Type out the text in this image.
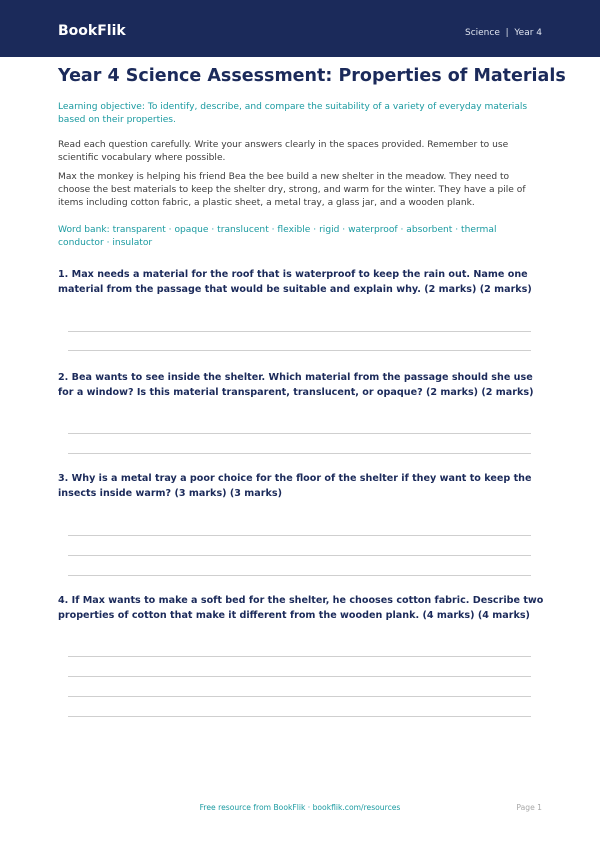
BookFlik	Science  |  Year 4
Year 4 Science Assessment: Properties of Materials

Learning objective: To identify, describe, and compare the suitability of a variety of everyday materials based on their properties.

Read each question carefully. Write your answers clearly in the spaces provided. Remember to use scientific vocabulary where possible.

Max the monkey is helping his friend Bea the bee build a new shelter in the meadow. They need to choose the best materials to keep the shelter dry, strong, and warm for the winter. They have a pile of items including cotton fabric, a plastic sheet, a metal tray, a glass jar, and a wooden plank.

Word bank: transparent · opaque · translucent · flexible · rigid · waterproof · absorbent · thermal conductor · insulator

1. Max needs a material for the roof that is waterproof to keep the rain out. Name one material from the passage that would be suitable and explain why. (2 marks) (2 marks)

2. Bea wants to see inside the shelter. Which material from the passage should she use for a window? Is this material transparent, translucent, or opaque? (2 marks) (2 marks)

3. Why is a metal tray a poor choice for the floor of the shelter if they want to keep the insects inside warm? (3 marks) (3 marks)

4. If Max wants to make a soft bed for the shelter, he chooses cotton fabric. Describe two properties of cotton that make it different from the wooden plank. (4 marks) (4 marks)

Free resource from BookFlik · bookflik.com/resources	Page 1
